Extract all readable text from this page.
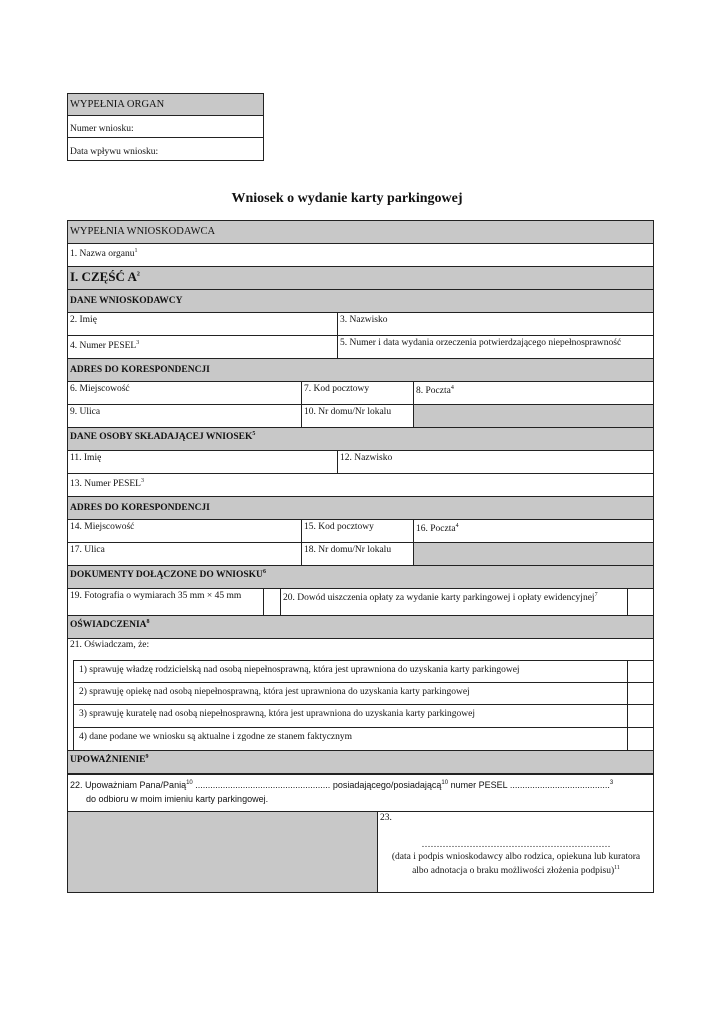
WYPEŁNIA ORGAN
Numer wniosku:
Data wpływu wniosku:
Wniosek o wydanie karty parkingowej
WYPEŁNIA WNIOSKODAWCA
1. Nazwa organu$^1$
I. CZĘŚĆ $A^2$
DANE WNIOSKODAWCY
2. Imię	3. Nazwisko
4. Numer PESEL$^3$	5. Numer i data wydania orzeczenia potwierdzającego niepełnosprawność
ADRES DO KORESPONDENCJI
6. Miejscowość	7. Kod pocztowy	8. Poczta$^4$
9. Ulica	10. Nr domu/Nr lokalu
DANE OSOBY SKŁADAJĄCEJ WNIOSEK$^5$
11. Imię	12. Nazwisko
13. Numer PESEL$^3$
ADRES DO KORESPONDENCJI
14. Miejscowość	15. Kod pocztowy	16. Poczta$^4$
17. Ulica	18. Nr domu/Nr lokalu
DOKUMENTY DOŁĄCZONE DO WNIOSKU$^6$
19. Fotografia o wymiarach 35 mm × 45 mm	20. Dowód uiszczenia opłaty za wydanie karty parkingowej i opłaty ewidencyjnej$^7$
OŚWIADCZENIA$^8$
21. Oświadczam, że:
1) sprawuję władzę rodzicielską nad osobą niepełnosprawną, która jest uprawniona do uzyskania karty parkingowej
2) sprawuję opiekę nad osobą niepełnosprawną, która jest uprawniona do uzyskania karty parkingowej
3) sprawuję kuratelę nad osobą niepełnosprawną, która jest uprawniona do uzyskania karty parkingowej
4) dane podane we wniosku są aktualne i zgodne ze stanem faktycznym
UPOWAŻNIENIE$^9$
22. Upoważniam Pana/Panią$^{10}$ ...................................................... posiadającego/posiadającą$^{10}$ numer PESEL ........................................$^3$
do odbioru w moim imieniu karty parkingowej.
23.
………………………………………………………
(data i podpis wnioskodawcy albo rodzica, opiekuna lub kuratora
albo adnotacja o braku możliwości złożenia podpisu)$^{11}$
